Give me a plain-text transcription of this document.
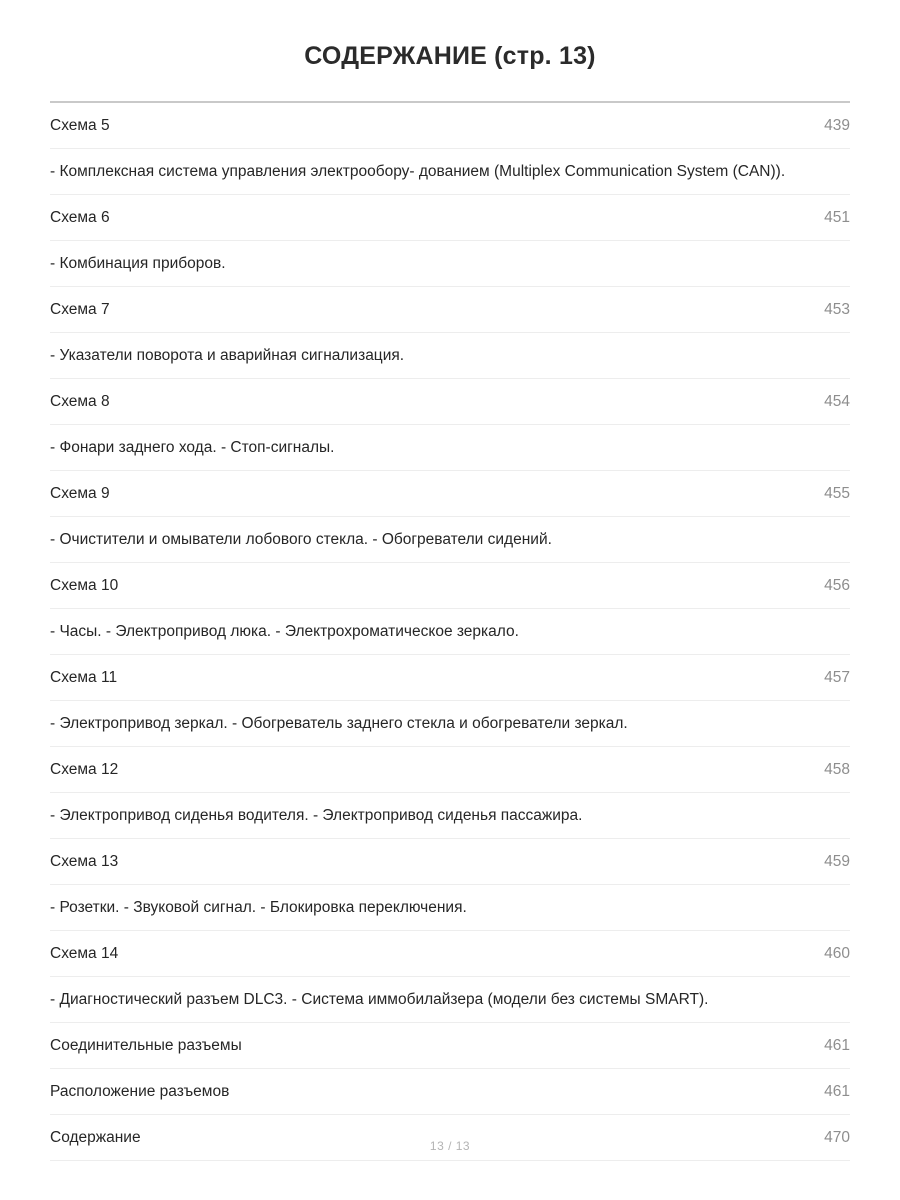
СОДЕРЖАНИЕ (стр. 13)
Схема 5	439
- Комплексная система управления электрообору- дованием (Multiplex Communication System (CAN)).
Схема 6	451
- Комбинация приборов.
Схема 7	453
- Указатели поворота и аварийная сигнализация.
Схема 8	454
- Фонари заднего хода. - Стоп-сигналы.
Схема 9	455
- Очистители и омыватели лобового стекла. - Обогреватели сидений.
Схема 10	456
- Часы. - Электропривод люка. - Электрохроматическое зеркало.
Схема 11	457
- Электропривод зеркал. - Обогреватель заднего стекла и обогреватели зеркал.
Схема 12	458
- Электропривод сиденья водителя. - Электропривод сиденья пассажира.
Схема 13	459
- Розетки. - Звуковой сигнал. - Блокировка переключения.
Схема 14	460
- Диагностический разъем DLC3. - Система иммобилайзера (модели без системы SMART).
Соединительные разъемы	461
Расположение разъемов	461
Содержание	470
13 / 13
